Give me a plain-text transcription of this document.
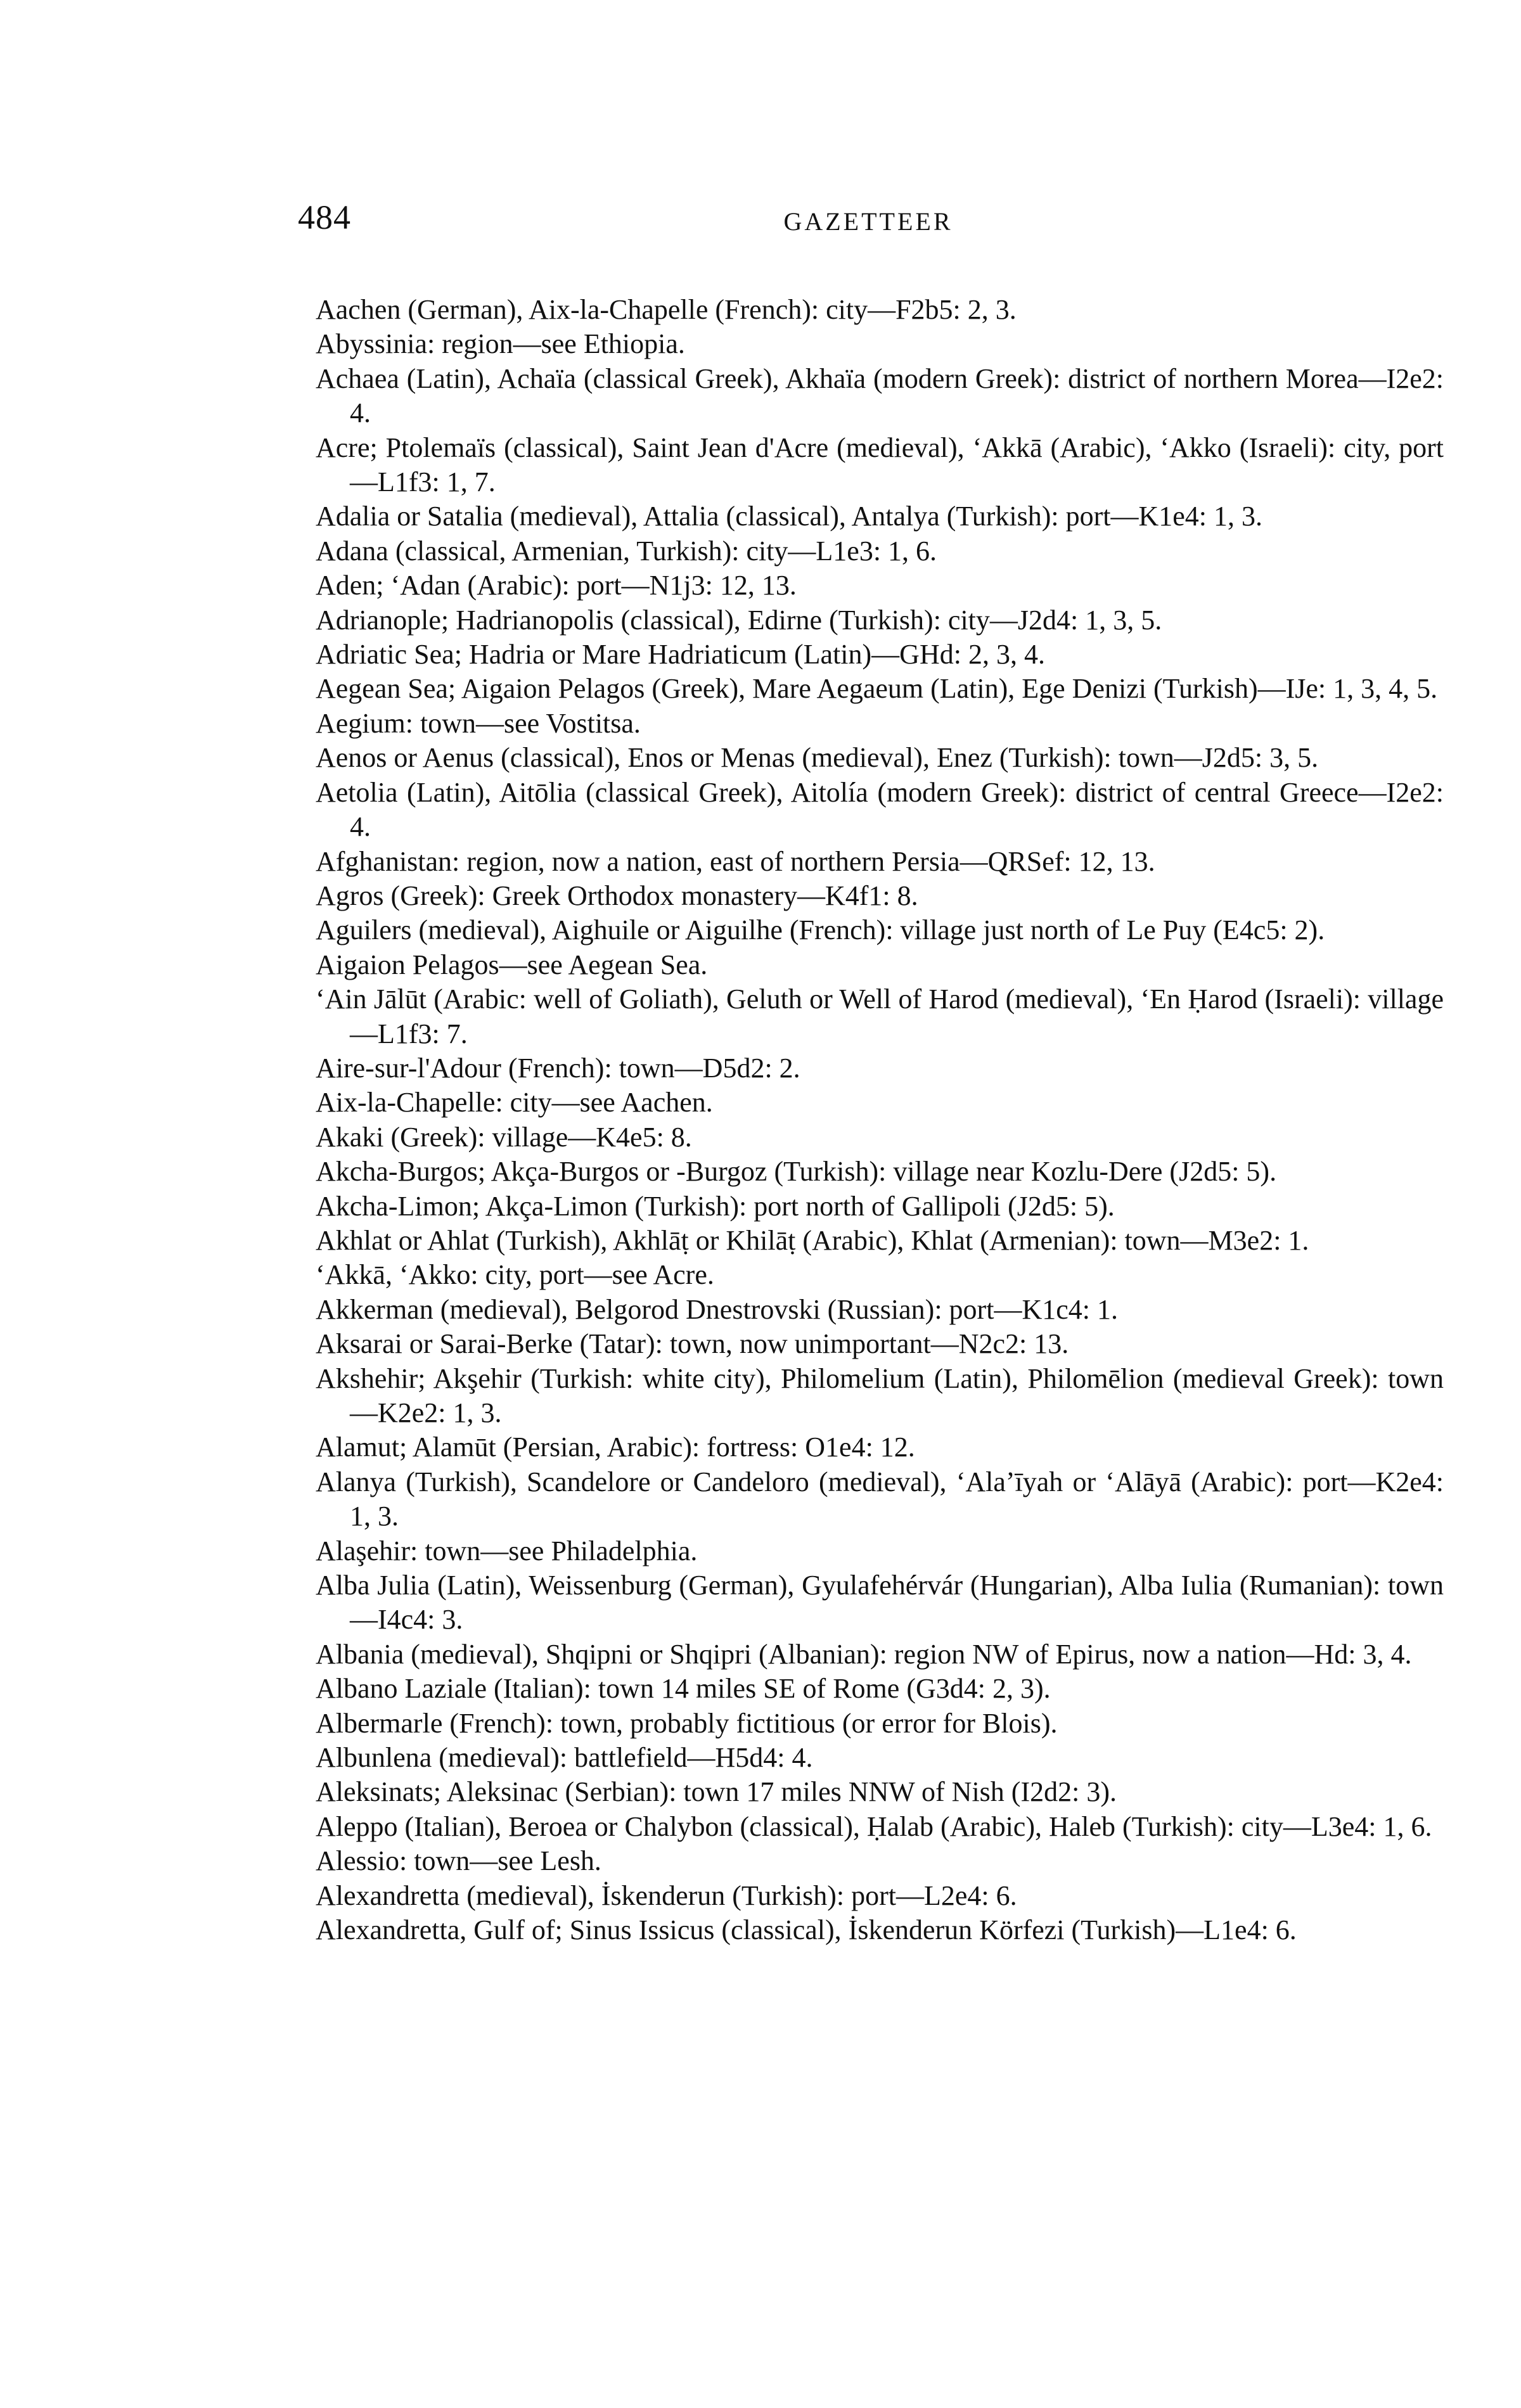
484	GAZETTEER
Aachen (German), Aix-la-Chapelle (French): city—F2b5: 2, 3.
Abyssinia: region—see Ethiopia.
Achaea (Latin), Achaïa (classical Greek), Akhaïa (modern Greek): district of northern Morea—I2e2: 4.
Acre; Ptolemaïs (classical), Saint Jean d'Acre (medieval), ʻAkkā (Arabic), ʻAkko (Israeli): city, port—L1f3: 1, 7.
Adalia or Satalia (medieval), Attalia (classical), Antalya (Turkish): port—K1e4: 1, 3.
Adana (classical, Armenian, Turkish): city—L1e3: 1, 6.
Aden; ʻAdan (Arabic): port—N1j3: 12, 13.
Adrianople; Hadrianopolis (classical), Edirne (Turkish): city—J2d4: 1, 3, 5.
Adriatic Sea; Hadria or Mare Hadriaticum (Latin)—GHd: 2, 3, 4.
Aegean Sea; Aigaion Pelagos (Greek), Mare Aegaeum (Latin), Ege Denizi (Turkish)—IJe: 1, 3, 4, 5.
Aegium: town—see Vostitsa.
Aenos or Aenus (classical), Enos or Menas (medieval), Enez (Turkish): town—J2d5: 3, 5.
Aetolia (Latin), Aitōlia (classical Greek), Aitolía (modern Greek): district of central Greece—I2e2: 4.
Afghanistan: region, now a nation, east of northern Persia—QRSef: 12, 13.
Agros (Greek): Greek Orthodox monastery—K4f1: 8.
Aguilers (medieval), Aighuile or Aiguilhe (French): village just north of Le Puy (E4c5: 2).
Aigaion Pelagos—see Aegean Sea.
ʻAin Jālūt (Arabic: well of Goliath), Geluth or Well of Harod (medieval), ʻEn Ḥarod (Israeli): village—L1f3: 7.
Aire-sur-l'Adour (French): town—D5d2: 2.
Aix-la-Chapelle: city—see Aachen.
Akaki (Greek): village—K4e5: 8.
Akcha-Burgos; Akça-Burgos or -Burgoz (Turkish): village near Kozlu-Dere (J2d5: 5).
Akcha-Limon; Akça-Limon (Turkish): port north of Gallipoli (J2d5: 5).
Akhlat or Ahlat (Turkish), Akhlāṭ or Khilāṭ (Arabic), Khlat (Armenian): town—M3e2: 1.
ʻAkkā, ʻAkko: city, port—see Acre.
Akkerman (medieval), Belgorod Dnestrovski (Russian): port—K1c4: 1.
Aksarai or Sarai-Berke (Tatar): town, now unimportant—N2c2: 13.
Akshehir; Akşehir (Turkish: white city), Philomelium (Latin), Philomēlion (medieval Greek): town—K2e2: 1, 3.
Alamut; Alamūt (Persian, Arabic): fortress: O1e4: 12.
Alanya (Turkish), Scandelore or Candeloro (medieval), ʻAlaʼīyah or ʻAlāyā (Arabic): port—K2e4: 1, 3.
Alaşehir: town—see Philadelphia.
Alba Julia (Latin), Weissenburg (German), Gyulafehérvár (Hungarian), Alba Iulia (Rumanian): town—I4c4: 3.
Albania (medieval), Shqipni or Shqipri (Albanian): region NW of Epirus, now a nation—Hd: 3, 4.
Albano Laziale (Italian): town 14 miles SE of Rome (G3d4: 2, 3).
Albermarle (French): town, probably fictitious (or error for Blois).
Albunlena (medieval): battlefield—H5d4: 4.
Aleksinats; Aleksinac (Serbian): town 17 miles NNW of Nish (I2d2: 3).
Aleppo (Italian), Beroea or Chalybon (classical), Ḥalab (Arabic), Haleb (Turkish): city—L3e4: 1, 6.
Alessio: town—see Lesh.
Alexandretta (medieval), İskenderun (Turkish): port—L2e4: 6.
Alexandretta, Gulf of; Sinus Issicus (classical), İskenderun Körfezi (Turkish)—L1e4: 6.
